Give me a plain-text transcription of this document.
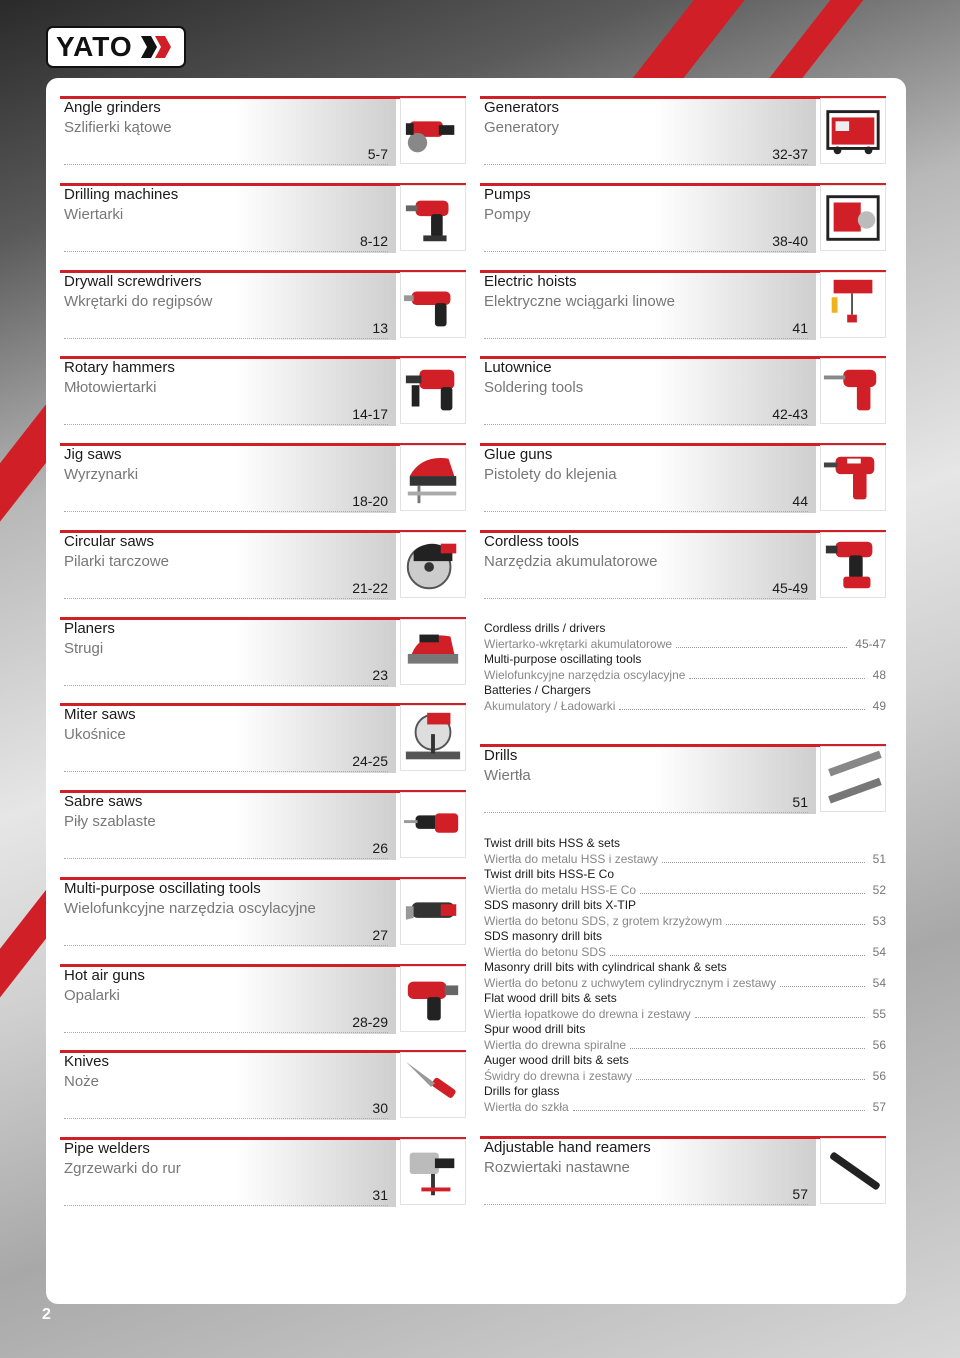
YATO
Angle grinders
Szlifierki kątowe
5-7
Drilling machines
Wiertarki
8-12
Drywall screwdrivers
Wkrętarki do regipsów
13
Rotary hammers
Młotowiertarki
14-17
Jig saws
Wyrzynarki
18-20
Circular saws
Pilarki tarczowe
21-22
Planers
Strugi
23
Miter saws
Ukośnice
24-25
Sabre saws
Piły szablaste
26
Multi-purpose oscillating tools
Wielofunkcyjne narzędzia oscylacyjne
27
Hot air guns
Opalarki
28-29
Knives
Noże
30
Pipe welders
Zgrzewarki do rur
31
Generators
Generatory
32-37
Pumps
Pompy
38-40
Electric hoists
Elektryczne wciągarki linowe
41
Lutownice
Soldering tools
42-43
Glue guns
Pistolety do klejenia
44
Cordless tools
Narzędzia akumulatorowe
45-49
Cordless drills / drivers
Wiertarko-wkrętarki akumulatorowe	45-47
Multi-purpose oscillating tools
Wielofunkcyjne narzędzia oscylacyjne	48
Batteries / Chargers
Akumulatory / Ładowarki	49
Drills
Wiertła
51
Twist drill bits HSS & sets
Wiertła do metalu HSS i zestawy	51
Twist drill bits HSS-E Co
Wiertła do metalu HSS-E Co	52
SDS masonry drill bits X-TIP
Wiertła do betonu SDS, z grotem krzyżowym	53
SDS masonry drill bits
Wiertła do betonu SDS	54
Masonry drill bits with cylindrical shank & sets
Wiertła do betonu z uchwytem cylindrycznym i zestawy	54
Flat wood drill bits & sets
Wiertła łopatkowe do drewna i zestawy	55
Spur wood drill bits
Wiertła do drewna spiralne	56
Auger wood drill bits & sets
Świdry do drewna i zestawy	56
Drills for glass
Wiertła do szkła	57
Adjustable hand reamers
Rozwiertaki nastawne
57
2
